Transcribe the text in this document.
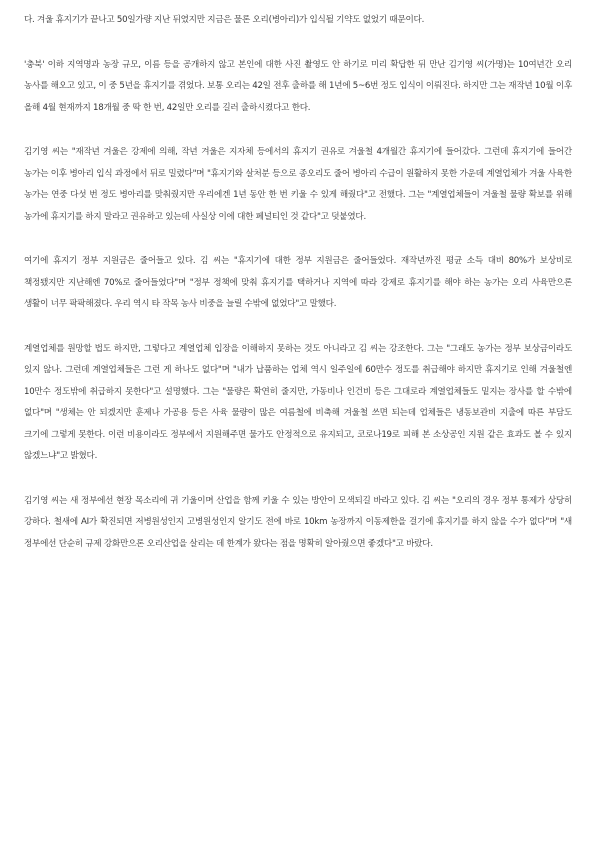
다. 겨울 휴지기가 끝나고 50일가량 지난 뒤였지만 지금은 물론 오리(병아리)가 입식될 기약도 없었기 때문이다.

'충북' 이하 지역명과 농장 규모, 이름 등을 공개하지 않고 본인에 대한 사진 촬영도 안 하기로 미리 확답한 뒤 만난 김기영 씨(가명)는 10여년간 오리 농사를 해오고 있고, 이 중 5년을 휴지기를 겪었다. 보통 오리는 42일 전후 출하를 해 1년에 5~6번 정도 입식이 이뤄진다. 하지만 그는 재작년 10월 이후 올해 4월 현재까지 18개월 중 딱 한 번, 42일만 오리를 길러 출하시켰다고 한다.

김기영 씨는 "재작년 겨울은 강제에 의해, 작년 겨울은 지자체 등에서의 휴지기 권유로 겨울철 4개월간 휴지기에 들어갔다. 그런데 휴지기에 들어간 농가는 이후 병아리 입식 과정에서 뒤로 밀렸다"며 "휴지기와 살처분 등으로 종오리도 줄어 병아리 수급이 원활하지 못한 가운데 계열업체가 겨울 사육한 농가는 연중 다섯 번 정도 병아리를 맞춰줬지만 우리에겐 1년 동안 한 번 키울 수 있게 해줬다"고 전했다. 그는 "계열업체들이 겨울철 물량 확보를 위해 농가에 휴지기를 하지 말라고 권유하고 있는데 사실상 이에 대한 페널티인 것 같다"고 덧붙였다.

여기에 휴지기 정부 지원금은 줄어들고 있다. 김 씨는 "휴지기에 대한 정부 지원금은 줄어들었다. 재작년까진 평균 소득 대비 80%가 보상비로 책정됐지만 지난해엔 70%로 줄어들었다"며 "정부 정책에 맞춰 휴지기를 택하거나 지역에 따라 강제로 휴지기를 해야 하는 농가는 오리 사육만으론 생활이 너무 팍팍해졌다. 우리 역시 타 작목 농사 비중을 늘릴 수밖에 없었다"고 말했다.

계열업체를 원망할 법도 하지만, 그렇다고 계열업체 입장을 이해하지 못하는 것도 아니라고 김 씨는 강조한다. 그는 "그래도 농가는 정부 보상금이라도 있지 않나. 그런데 계열업체들은 그런 게 하나도 없다"며 "내가 납품하는 업체 역시 일주일에 60만수 정도를 취급해야 하지만 휴지기로 인해 겨울철엔 10만수 정도밖에 취급하지 못한다"고 설명했다. 그는 "물량은 확연히 줄지만, 가동비나 인건비 등은 그대로라 계열업체들도 밑지는 장사를 할 수밖에 없다"며 "생체는 안 되겠지만 훈제나 가공용 등은 사육 물량이 많은 여름철에 비축해 겨울철 쓰면 되는데 업체들은 냉동보관비 지출에 따른 부담도 크기에 그렇게 못한다. 이런 비용이라도 정부에서 지원해주면 물가도 안정적으로 유지되고, 코로나19로 피해 본 소상공인 지원 같은 효과도 볼 수 있지 않겠느냐"고 밝혔다.

김기영 씨는 새 정부에선 현장 목소리에 귀 기울이며 산업을 함께 키울 수 있는 방안이 모색되길 바라고 있다. 김 씨는 "오리의 경우 정부 통제가 상당히 강하다. 철새에 AI가 확진되면 저병원성인지 고병원성인지 알기도 전에 바로 10km 농장까지 이동제한을 걸기에 휴지기를 하지 않을 수가 없다"며 "새 정부에선 단순히 규제 강화만으론 오리산업을 살리는 데 한계가 왔다는 점을 명확히 알아줬으면 좋겠다"고 바랐다.
